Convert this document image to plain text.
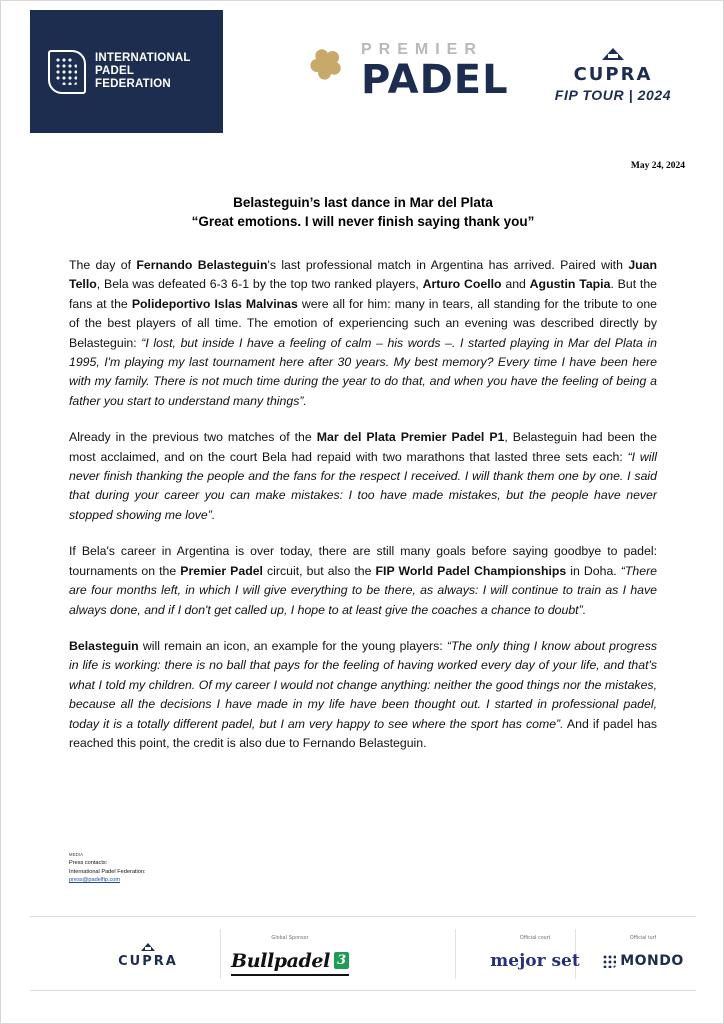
INTERNATIONAL
PADEL
FEDERATION
PREMIER
PADEL	CUPRA
FIP TOUR | 2024
May 24, 2024
Belasteguin’s last dance in Mar del Plata
“Great emotions. I will never finish saying thank you”

The day of Fernando Belasteguin's last professional match in Argentina has arrived. Paired with Juan Tello, Bela was defeated 6-3 6-1 by the top two ranked players, Arturo Coello and Agustin Tapia. But the fans at the Polideportivo Islas Malvinas were all for him: many in tears, all standing for the tribute to one of the best players of all time. The emotion of experiencing such an evening was described directly by Belasteguin: “I lost, but inside I have a feeling of calm – his words –. I started playing in Mar del Plata in 1995, I'm playing my last tournament here after 30 years. My best memory? Every time I have been here with my family. There is not much time during the year to do that, and when you have the feeling of being a father you start to understand many things”.

Already in the previous two matches of the Mar del Plata Premier Padel P1, Belasteguin had been the most acclaimed, and on the court Bela had repaid with two marathons that lasted three sets each: “I will never finish thanking the people and the fans for the respect I received. I will thank them one by one. I said that during your career you can make mistakes: I too have made mistakes, but the people have never stopped showing me love”.

If Bela's career in Argentina is over today, there are still many goals before saying goodbye to padel: tournaments on the Premier Padel circuit, but also the FIP World Padel Championships in Doha. “There are four months left, in which I will give everything to be there, as always: I will continue to train as I have always done, and if I don't get called up, I hope to at least give the coaches a chance to doubt”.

Belasteguin will remain an icon, an example for the young players: “The only thing I know about progress in life is working: there is no ball that pays for the feeling of having worked every day of your life, and that's what I told my children. Of my career I would not change anything: neither the good things nor the mistakes, because all the decisions I have made in my life have been thought out. I started in professional padel, today it is a totally different padel, but I am very happy to see where the sport has come”. And if padel has reached this point, the credit is also due to Fernando Belasteguin.

MEDIA
Press contacts:
International Padel Federation:
press@padelfip.com
CUPRA
Global Sponsor
Bullpadel 3
Official court
mejor set
Official turf
MONDO
